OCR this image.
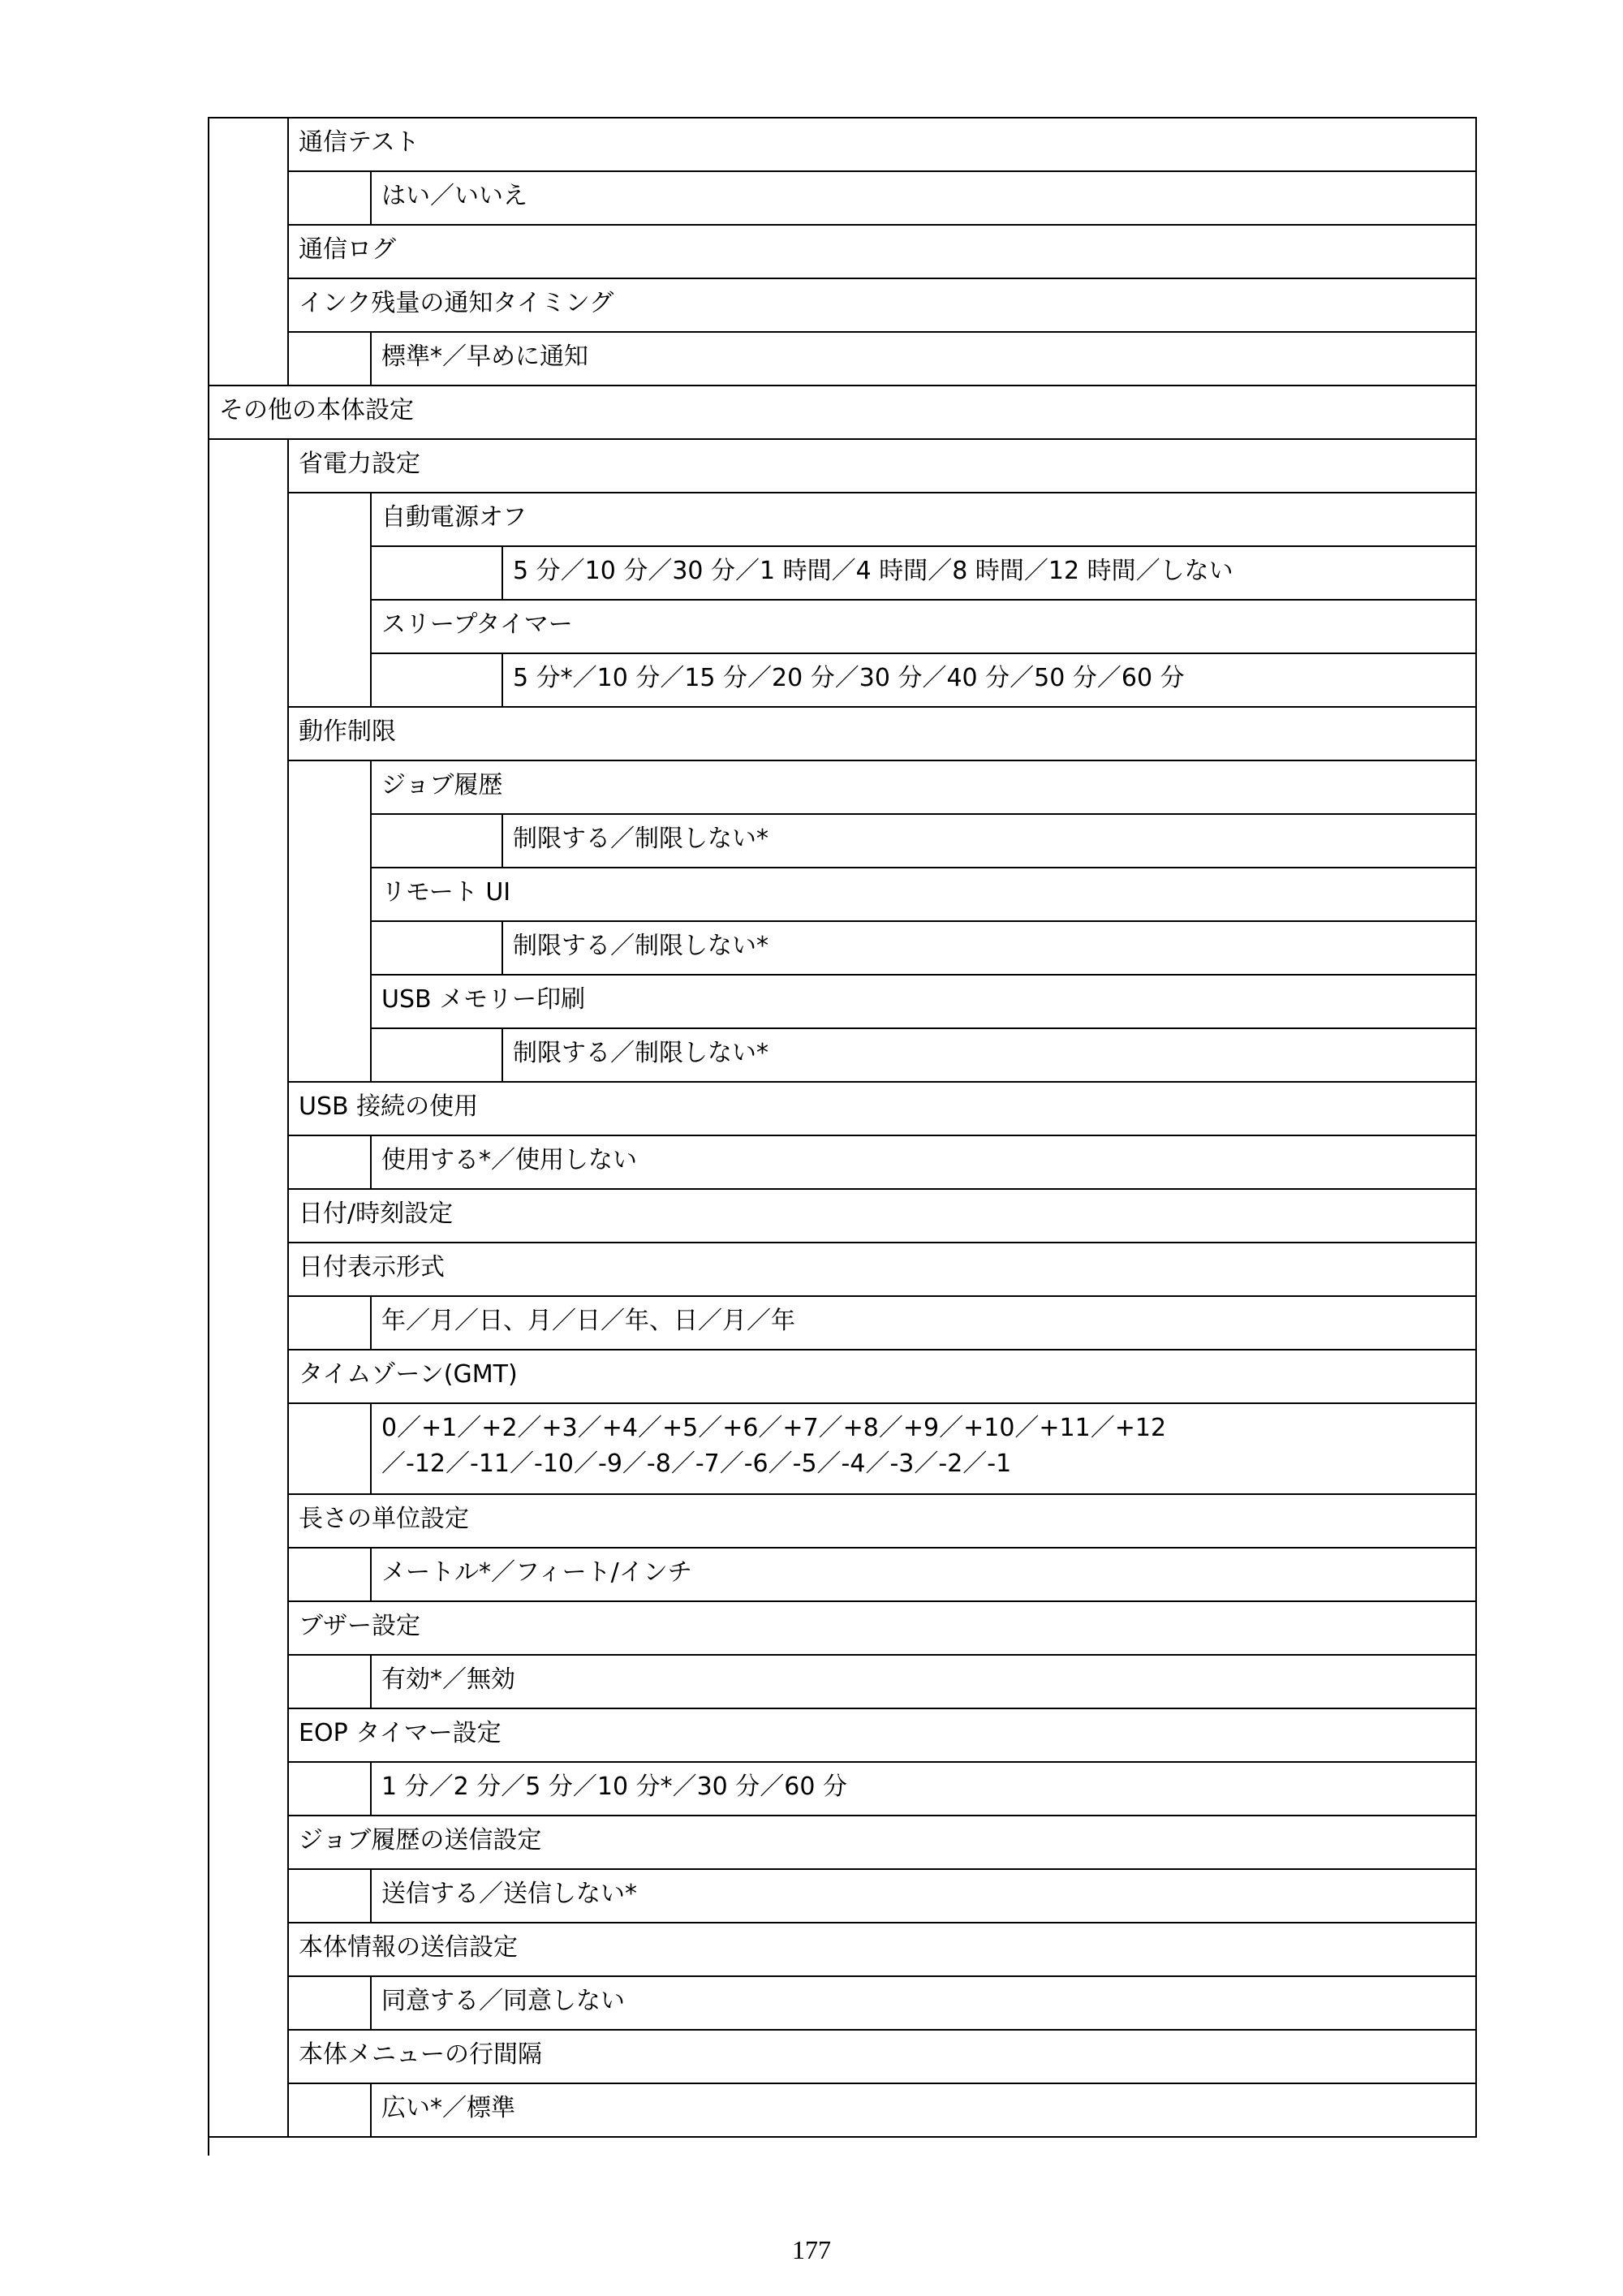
通信テスト
はい／いいえ
通信ログ
インク残量の通知タイミング
標準*／早めに通知
その他の本体設定
省電力設定
自動電源オフ
5 分／10 分／30 分／1 時間／4 時間／8 時間／12 時間／しない
スリープタイマー
5 分*／10 分／15 分／20 分／30 分／40 分／50 分／60 分
動作制限
ジョブ履歴
制限する／制限しない*
リモート UI
制限する／制限しない*
USB メモリー印刷
制限する／制限しない*
USB 接続の使用
使用する*／使用しない
日付/時刻設定
日付表示形式
年／月／日、月／日／年、日／月／年
タイムゾーン(GMT)
0／+1／+2／+3／+4／+5／+6／+7／+8／+9／+10／+11／+12
／-12／-11／-10／-9／-8／-7／-6／-5／-4／-3／-2／-1
長さの単位設定
メートル*／フィート/インチ
ブザー設定
有効*／無効
EOP タイマー設定
1 分／2 分／5 分／10 分*／30 分／60 分
ジョブ履歴の送信設定
送信する／送信しない*
本体情報の送信設定
同意する／同意しない
本体メニューの行間隔
広い*／標準
177
